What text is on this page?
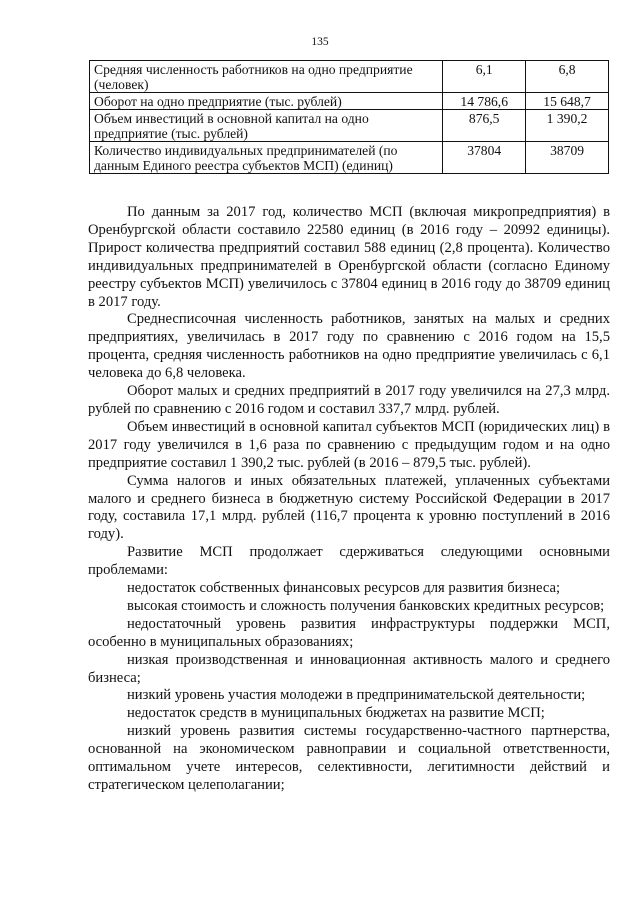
135
Средняя численность работников на одно предприятие (человек)	6,1	6,8
Оборот на одно предприятие (тыс. рублей)	14 786,6	15 648,7
Объем инвестиций в основной капитал на одно предприятие (тыс. рублей)	876,5	1 390,2
Количество индивидуальных предпринимателей (по данным Единого реестра субъектов МСП) (единиц)	37804	38709

По данным за 2017 год, количество МСП (включая микропредприятия) в Оренбургской области составило 22580 единиц (в 2016 году – 20992 единицы). Прирост количества предприятий составил 588 единиц (2,8 процента). Количество индивидуальных предпринимателей в Оренбургской области (согласно Единому реестру субъектов МСП) увеличилось с 37804 единиц в 2016 году до 38709 единиц в 2017 году.

Среднесписочная численность работников, занятых на малых и средних предприятиях, увеличилась в 2017 году по сравнению с 2016 годом на 15,5 процента, средняя численность работников на одно предприятие увеличилась с 6,1 человека до 6,8 человека.

Оборот малых и средних предприятий в 2017 году увеличился на 27,3 млрд. рублей по сравнению с 2016 годом и составил 337,7 млрд. рублей.

Объем инвестиций в основной капитал субъектов МСП (юридических лиц) в 2017 году увеличился в 1,6 раза по сравнению с предыдущим годом и на одно предприятие составил 1 390,2 тыс. рублей (в 2016 – 879,5 тыс. рублей).

Сумма налогов и иных обязательных платежей, уплаченных субъектами малого и среднего бизнеса в бюджетную систему Российской Федерации в 2017 году, составила 17,1 млрд. рублей (116,7 процента к уровню поступлений в 2016 году).

Развитие МСП продолжает сдерживаться следующими основными проблемами:

недостаток собственных финансовых ресурсов для развития бизнеса;

высокая стоимость и сложность получения банковских кредитных ресурсов;

недостаточный уровень развития инфраструктуры поддержки МСП, особенно в муниципальных образованиях;

низкая производственная и инновационная активность малого и среднего бизнеса;

низкий уровень участия молодежи в предпринимательской деятельности;

недостаток средств в муниципальных бюджетах на развитие МСП;

низкий уровень развития системы государственно-частного партнерства, основанной на экономическом равноправии и социальной ответственности, оптимальном учете интересов, селективности, легитимности действий и стратегическом целеполагании;
